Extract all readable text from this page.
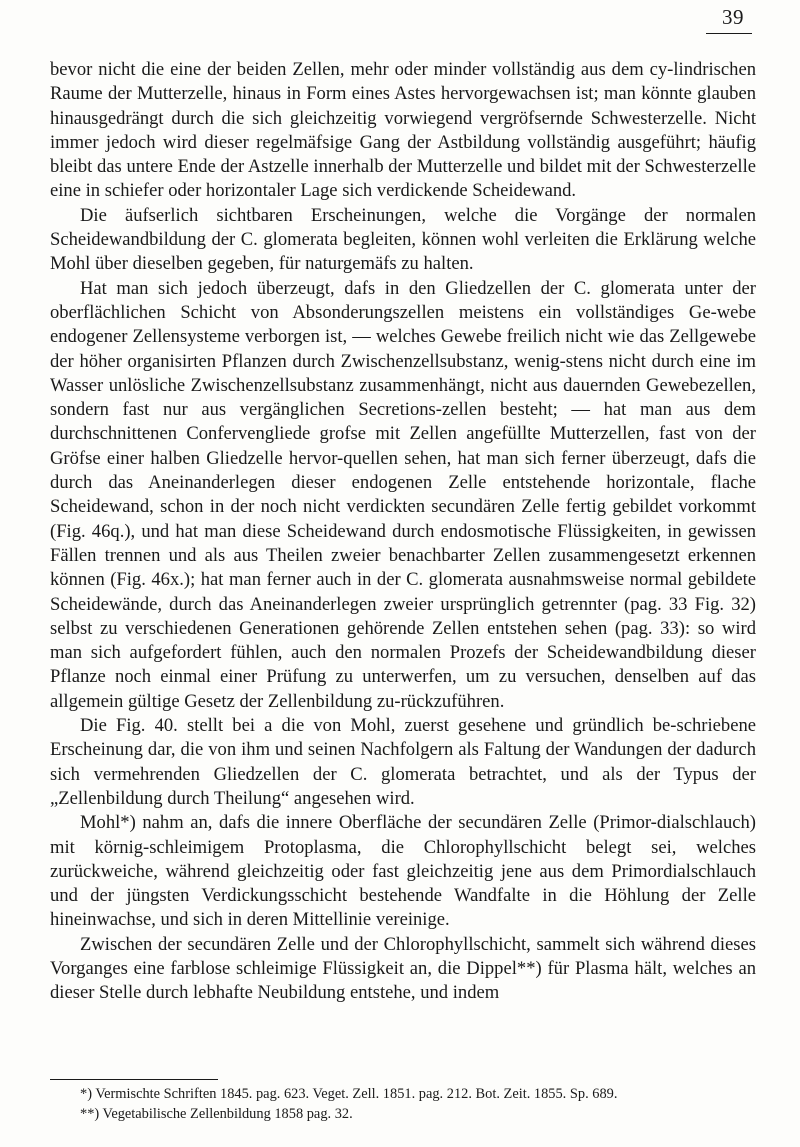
39

bevor nicht die eine der beiden Zellen, mehr oder minder vollständig aus dem cy-lindrischen Raume der Mutterzelle, hinaus in Form eines Astes hervorgewachsen ist; man könnte glauben hinausgedrängt durch die sich gleichzeitig vorwiegend vergröfsernde Schwesterzelle. Nicht immer jedoch wird dieser regelmäfsige Gang der Astbildung vollständig ausgeführt; häufig bleibt das untere Ende der Astzelle innerhalb der Mutterzelle und bildet mit der Schwesterzelle eine in schiefer oder horizontaler Lage sich verdickende Scheidewand.

Die äufserlich sichtbaren Erscheinungen, welche die Vorgänge der normalen Scheidewandbildung der C. glomerata begleiten, können wohl verleiten die Erklärung welche Mohl über dieselben gegeben, für naturgemäfs zu halten.

Hat man sich jedoch überzeugt, dafs in den Gliedzellen der C. glomerata unter der oberflächlichen Schicht von Absonderungszellen meistens ein vollständiges Ge-webe endogener Zellensysteme verborgen ist, — welches Gewebe freilich nicht wie das Zellgewebe der höher organisirten Pflanzen durch Zwischenzellsubstanz, wenig-stens nicht durch eine im Wasser unlösliche Zwischenzellsubstanz zusammenhängt, nicht aus dauernden Gewebezellen, sondern fast nur aus vergänglichen Secretions-zellen besteht; — hat man aus dem durchschnittenen Confervengliede grofse mit Zellen angefüllte Mutterzellen, fast von der Gröfse einer halben Gliedzelle hervor-quellen sehen, hat man sich ferner überzeugt, dafs die durch das Aneinanderlegen dieser endogenen Zelle entstehende horizontale, flache Scheidewand, schon in der noch nicht verdickten secundären Zelle fertig gebildet vorkommt (Fig. 46q.), und hat man diese Scheidewand durch endosmotische Flüssigkeiten, in gewissen Fällen trennen und als aus Theilen zweier benachbarter Zellen zusammengesetzt erkennen können (Fig. 46x.); hat man ferner auch in der C. glomerata ausnahmsweise normal gebildete Scheidewände, durch das Aneinanderlegen zweier ursprünglich getrennter (pag. 33 Fig. 32) selbst zu verschiedenen Generationen gehörende Zellen entstehen sehen (pag. 33): so wird man sich aufgefordert fühlen, auch den normalen Prozefs der Scheidewandbildung dieser Pflanze noch einmal einer Prüfung zu unterwerfen, um zu versuchen, denselben auf das allgemein gültige Gesetz der Zellenbildung zu-rückzuführen.

Die Fig. 40. stellt bei a die von Mohl, zuerst gesehene und gründlich be-schriebene Erscheinung dar, die von ihm und seinen Nachfolgern als Faltung der Wandungen der dadurch sich vermehrenden Gliedzellen der C. glomerata betrachtet, und als der Typus der „Zellenbildung durch Theilung“ angesehen wird.

Mohl*) nahm an, dafs die innere Oberfläche der secundären Zelle (Primor-dialschlauch) mit körnig-schleimigem Protoplasma, die Chlorophyllschicht belegt sei, welches zurückweiche, während gleichzeitig oder fast gleichzeitig jene aus dem Primordialschlauch und der jüngsten Verdickungsschicht bestehende Wandfalte in die Höhlung der Zelle hineinwachse, und sich in deren Mittellinie vereinige.

Zwischen der secundären Zelle und der Chlorophyllschicht, sammelt sich während dieses Vorganges eine farblose schleimige Flüssigkeit an, die Dippel**) für Plasma hält, welches an dieser Stelle durch lebhafte Neubildung entstehe, und indem

*) Vermischte Schriften 1845. pag. 623. Veget. Zell. 1851. pag. 212. Bot. Zeit. 1855. Sp. 689.

**) Vegetabilische Zellenbildung 1858 pag. 32.
